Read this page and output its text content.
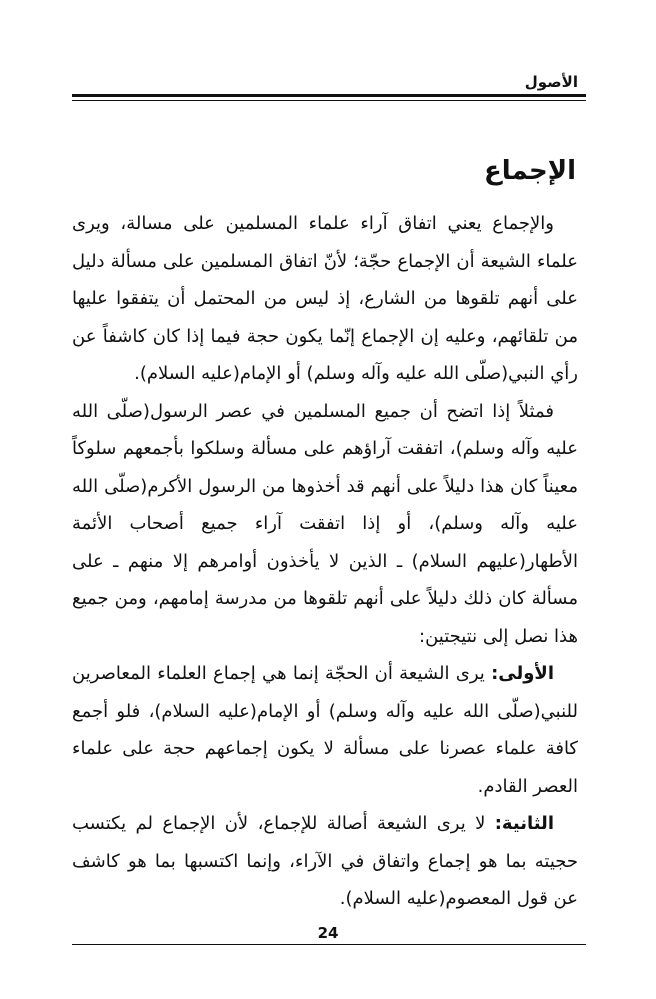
الأصول
الإجماع

والإجماع يعني اتفاق آراء علماء المسلمين على مسالة، ويرى علماء الشيعة أن الإجماع حجّة؛ لأنّ اتفاق المسلمين على مسألة دليل على أنهم تلقوها من الشارع، إذ ليس من المحتمل أن يتفقوا عليها من تلقائهم، وعليه إن الإجماع إنّما يكون حجة فيما إذا كان كاشفاً عن رأي النبي(صلّى الله عليه وآله وسلم) أو الإمام(عليه السلام).

فمثلاً إذا اتضح أن جميع المسلمين في عصر الرسول(صلّى الله عليه وآله وسلم)، اتفقت آراؤهم على مسألة وسلكوا بأجمعهم سلوكاً معيناً كان هذا دليلاً على أنهم قد أخذوها من الرسول الأكرم(صلّى الله عليه وآله وسلم)، أو إذا اتفقت آراء جميع أصحاب الأئمة الأطهار(عليهم السلام) ـ الذين لا يأخذون أوامرهم إلا منهم ـ على مسألة كان ذلك دليلاً على أنهم تلقوها من مدرسة إمامهم، ومن جميع هذا نصل إلى نتيجتين:

الأولى: يرى الشيعة أن الحجّة إنما هي إجماع العلماء المعاصرين للنبي(صلّى الله عليه وآله وسلم) أو الإمام(عليه السلام)، فلو أجمع كافة علماء عصرنا على مسألة لا يكون إجماعهم حجة على علماء العصر القادم.

الثانية: لا يرى الشيعة أصالة للإجماع، لأن الإجماع لم يكتسب حجيته بما هو إجماع واتفاق في الآراء، وإنما اكتسبها بما هو كاشف عن قول المعصوم(عليه السلام).

24
